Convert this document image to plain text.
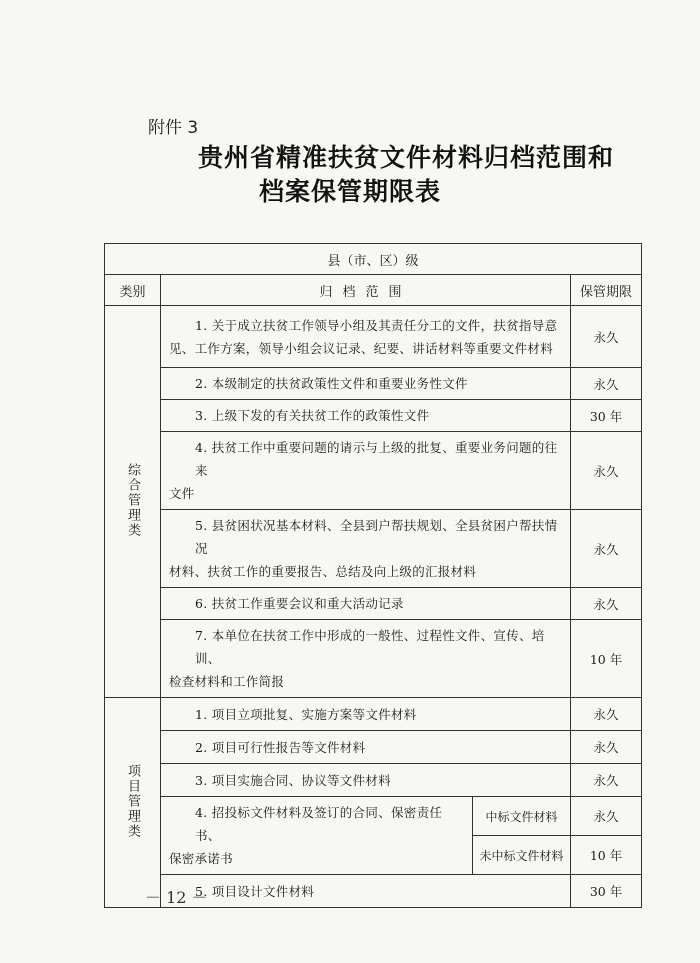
附件 3
贵州省精准扶贫文件材料归档范围和
档案保管期限表
县（市、区）级			
类别	归档范围		保管期限
综合管理类	1. 关于成立扶贫工作领导小组及其责任分工的文件，扶贫指导意
见、工作方案，领导小组会议记录、纪要、讲话材料等重要文件材料		永久

	2. 本级制定的扶贫政策性文件和重要业务性文件		永久

	3. 上级下发的有关扶贫工作的政策性文件		30 年

	4. 扶贫工作中重要问题的请示与上级的批复、重要业务问题的往来
文件		永久

	5. 县贫困状况基本材料、全县到户帮扶规划、全县贫困户帮扶情况
材料、扶贫工作的重要报告、总结及向上级的汇报材料		永久

	6. 扶贫工作重要会议和重大活动记录		永久

	7. 本单位在扶贫工作中形成的一般性、过程性文件、宣传、培训、
检查材料和工作简报		10 年
项目管理类	1. 项目立项批复、实施方案等文件材料		永久

	2. 项目可行性报告等文件材料		永久

	3. 项目实施合同、协议等文件材料		永久

	4. 招投标文件材料及签订的合同、保密责任书、
保密承诺书	中标文件材料	永久
		未中标文件材料	10 年

	5. 项目设计文件材料		30 年
－ 12 －
